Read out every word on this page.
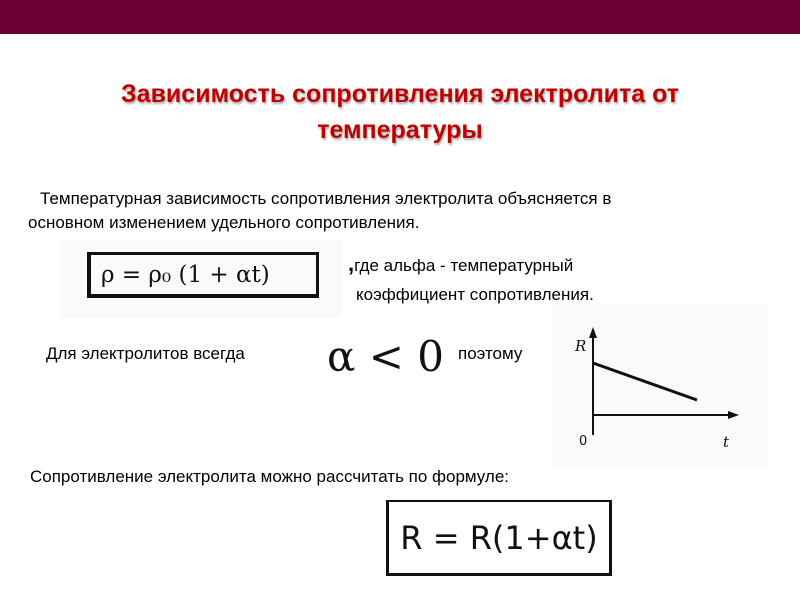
Зависимость сопротивления электролита от
температуры
Температурная зависимость сопротивления электролита объясняется в
основном изменением удельного сопротивления.
ρ = ρ₀ (1 + αt)	,где альфа - температурный
коэффициент сопротивления.
Для электролитов всегда α < 0 поэтому	R
t
0
Сопротивление электролита можно рассчитать по формуле:
R = R(1+αt)
